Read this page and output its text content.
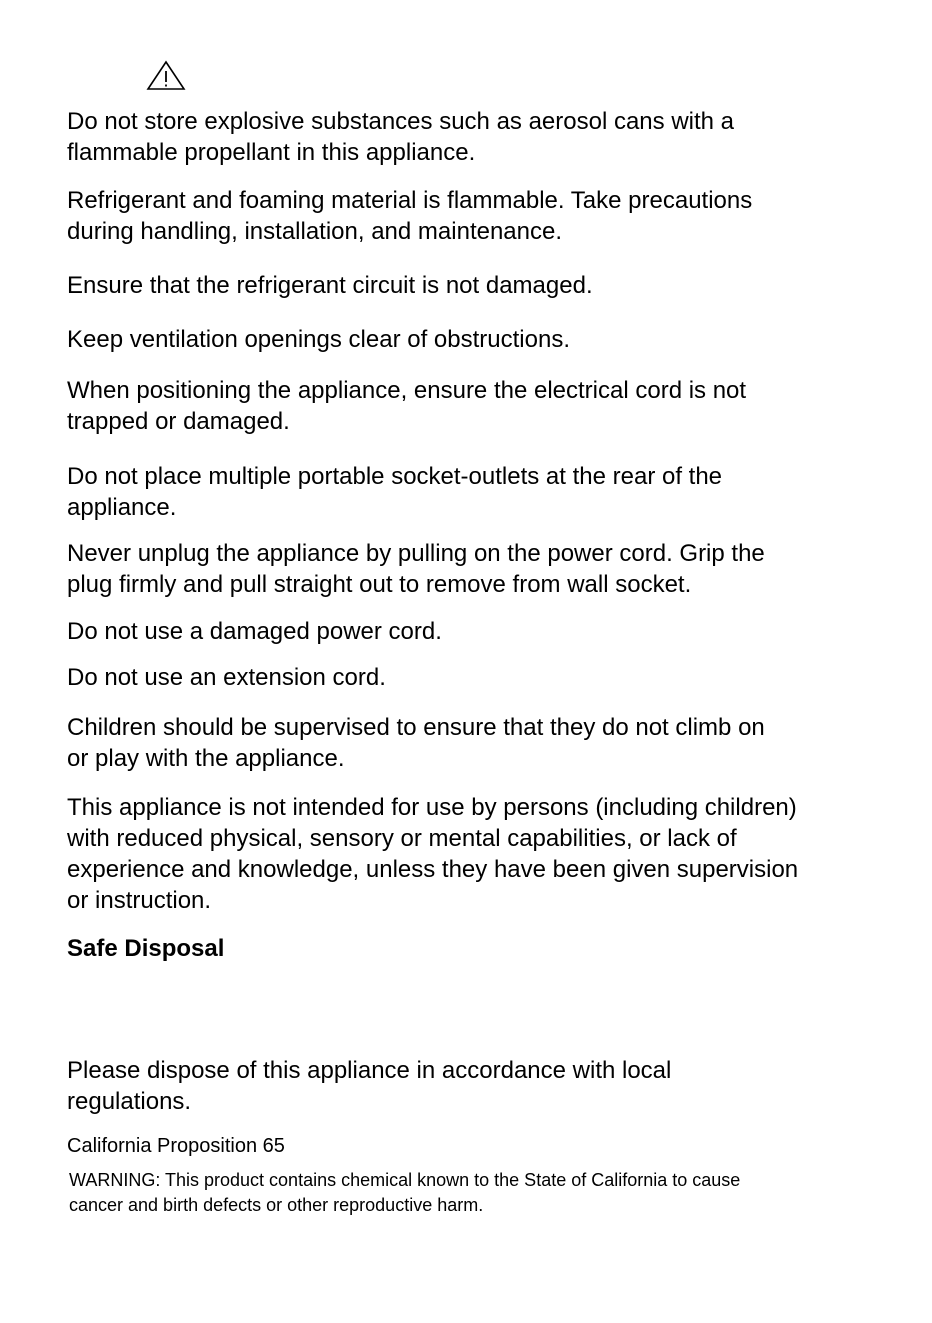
Do not store explosive substances such as aerosol cans with a
flammable propellant in this appliance.

Refrigerant and foaming material is flammable. Take precautions
during handling, installation, and maintenance.

Ensure that the refrigerant circuit is not damaged.

Keep ventilation openings clear of obstructions.

When positioning the appliance, ensure the electrical cord is not
trapped or damaged.

Do not place multiple portable socket-outlets at the rear of the
appliance.

Never unplug the appliance by pulling on the power cord. Grip the
plug firmly and pull straight out to remove from wall socket.

Do not use a damaged power cord.

Do not use an extension cord.

Children should be supervised to ensure that they do not climb on
or play with the appliance.

This appliance is not intended for use by persons (including children)
with reduced physical, sensory or mental capabilities, or lack of
experience and knowledge, unless they have been given supervision
or instruction.

Safe Disposal

Please dispose of this appliance in accordance with local
regulations.

California Proposition 65

WARNING: This product contains chemical known to the State of California to cause
cancer and birth defects or other reproductive harm.
